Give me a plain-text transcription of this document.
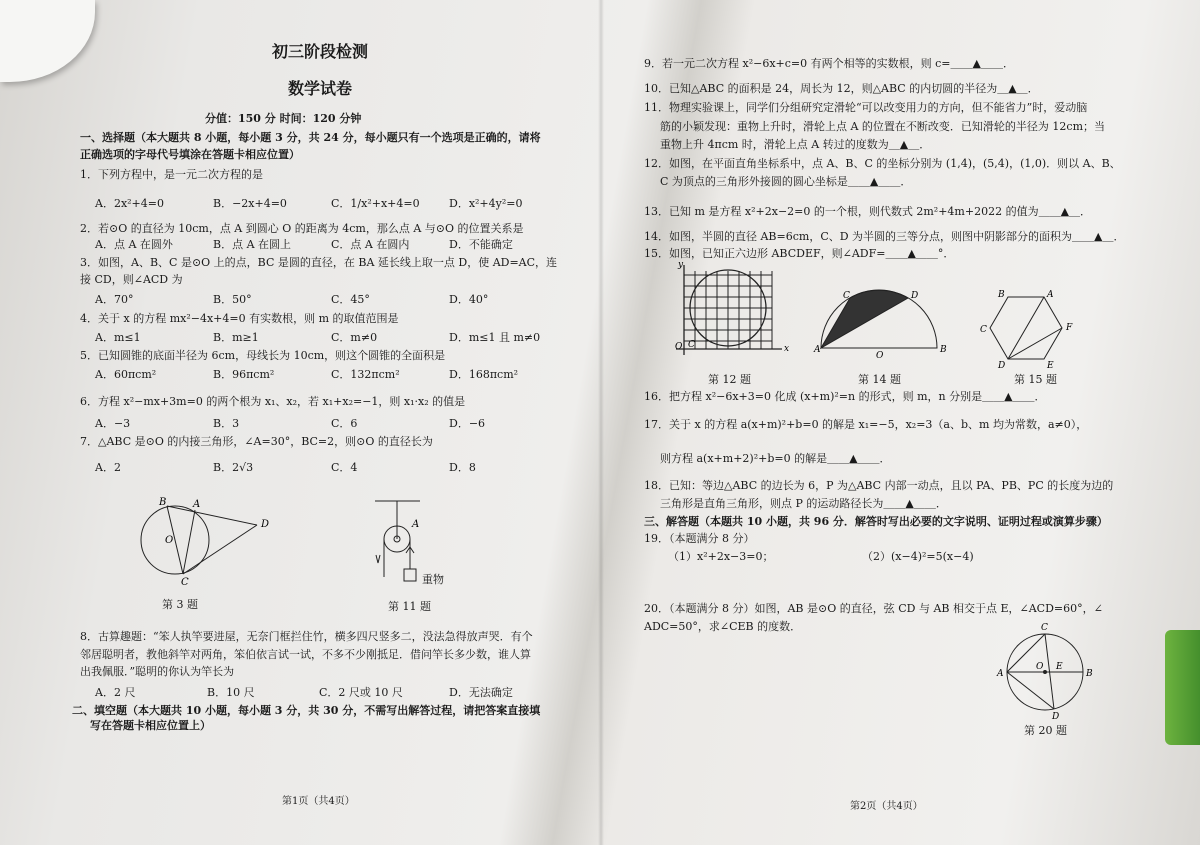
初三阶段检测
数学试卷
分值：150 分 时间：120 分钟
一、选择题（本大题共 8 小题，每小题 3 分，共 24 分，每小题只有一个选项是正确的，请将
正确选项的字母代号填涂在答题卡相应位置）
1．下列方程中，是一元二次方程的是
A．2x²+4=0	B．−2x+4=0	C．1/x²+x+4=0	D．x²+4y²=0
2．若⊙O 的直径为 10cm，点 A 到圆心 O 的距离为 4cm，那么点 A 与⊙O 的位置关系是
A．点 A 在圆外	B．点 A 在圆上	C．点 A 在圆内	D．不能确定
3．如图，A、B、C 是⊙O 上的点，BC 是圆的直径，在 BA 延长线上取一点 D，使 AD=AC，连
接 CD，则∠ACD 为
A．70°	B．50°	C．45°	D．40°
4．关于 x 的方程 mx²−4x+4=0 有实数根，则 m 的取值范围是
A．m≤1	B．m≥1	C．m≠0	D．m≤1 且 m≠0
5．已知圆锥的底面半径为 6cm，母线长为 10cm，则这个圆锥的全面积是
A．60πcm²	B．96πcm²	C．132πcm²	D．168πcm²
6．方程 x²−mx+3m=0 的两个根为 x₁、x₂，若 x₁+x₂=−1，则 x₁·x₂ 的值是
A．−3	B．3	C．6	D．−6
7．△ABC 是⊙O 的内接三角形，∠A=30°，BC=2，则⊙O 的直径长为
A．2	B．2√3	C．4	D．8
B	A
D
O
C
第 3 题
A
重物
第 11 题
8．古算趣题：“笨人执竿要进屋，无奈门框拦住竹，横多四尺竖多二，没法急得放声哭．有个
邻居聪明者，教他斜竿对两角，笨伯依言试一试，不多不少刚抵足．借问竿长多少数，谁人算
出我佩服．”聪明的你认为竿长为
A．2 尺	B．10 尺	C．2 尺或 10 尺	D．无法确定
二、填空题（本大题共 10 小题，每小题 3 分，共 30 分，不需写出解答过程，请把答案直接填
写在答题卡相应位置上）
第1页（共4页）
9．若一元二次方程 x²−6x+c=0 有两个相等的实数根，则 c=＿＿▲＿＿．
10．已知△ABC 的面积是 24，周长为 12，则△ABC 的内切圆的半径为＿▲＿．
11．物理实验课上，同学们分组研究定滑轮“可以改变用力的方向，但不能省力”时，爱动脑
筋的小颖发现：重物上升时，滑轮上点 A 的位置在不断改变．已知滑轮的半径为 12cm；当
重物上升 4πcm 时，滑轮上点 A 转过的度数为＿▲＿．
12．如图，在平面直角坐标系中，点 A、B、C 的坐标分别为 (1,4)，(5,4)，(1,0)．则以 A、B、
C 为顶点的三角形外接圆的圆心坐标是＿＿▲＿＿．
13．已知 m 是方程 x²+2x−2=0 的一个根，则代数式 2m²+4m+2022 的值为＿＿▲＿．
14．如图，半圆的直径 AB=6cm，C、D 为半圆的三等分点，则图中阴影部分的面积为＿＿▲＿．
15．如图，已知正六边形 ABCDEF，则∠ADF=＿＿▲＿＿°．
y
x
O C
第 12 题
C	D
A
O
B
第 14 题
B	A
C	F
D	E
第 15 题
16．把方程 x²−6x+3=0 化成 (x+m)²=n 的形式，则 m，n 分别是＿＿▲＿＿．
17．关于 x 的方程 a(x+m)²+b=0 的解是 x₁=−5，x₂=3（a、b、m 均为常数，a≠0），
则方程 a(x+m+2)²+b=0 的解是＿＿▲＿＿．
18．已知：等边△ABC 的边长为 6，P 为△ABC 内部一动点，且以 PA、PB、PC 的长度为边的
三角形是直角三角形，则点 P 的运动路径长为＿＿▲＿＿．
三、解答题（本题共 10 小题，共 96 分．解答时写出必要的文字说明、证明过程或演算步骤）
19．（本题满分 8 分）
（1）x²+2x−3=0；	（2）(x−4)²=5(x−4)
20．（本题满分 8 分）如图，AB 是⊙O 的直径，弦 CD 与 AB 相交于点 E，∠ACD=60°，∠
ADC=50°，求∠CEB 的度数．	C
O E
A	B
D
第 20 题
第2页（共4页）
